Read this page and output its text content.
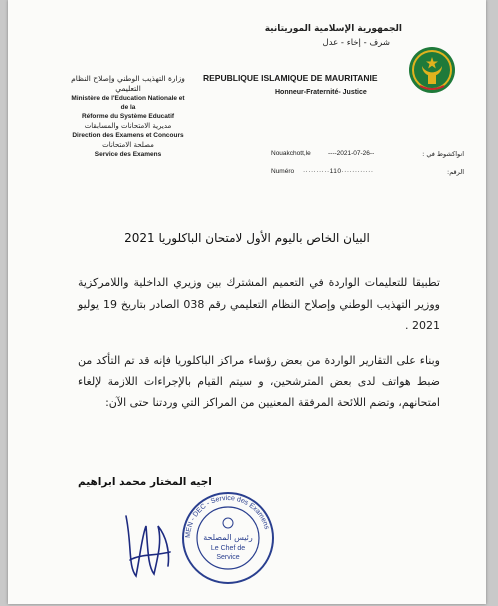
الجمهورية الإسلامية الموريتانية
شرف - إخاء - عدل
REPUBLIQUE ISLAMIQUE DE MAURITANIE
Honneur-Fraternité- Justice
وزارة التهذيب الوطني وإصلاح النظام التعليمي
Ministère de l'Education Nationale et de la
Réforme du Système Educatif
مديرية الامتحانات والمسابقات
Direction des Examens et Concours
مصلحة الامتحانات
Service des Examens	Nouakchott,le	----2021-07-26--	انواكشوط في :
Numéro ··········110············	الرقم:
البيان الخاص باليوم الأول لامتحان الباكلوريا 2021
تطبيقا للتعليمات الواردة في التعميم المشترك بين وزيري الداخلية واللامركزية ووزير التهذيب الوطني وإصلاح النظام التعليمي رقم 038 الصادر بتاريخ 19 يوليو 2021 .
وبناء على التقارير الواردة من بعض رؤساء مراكز الباكلوريا فإنه قد تم التأكد من ضبط هواتف لدى بعض المترشحين، و سيتم القيام بالإجراءات اللازمة لإلغاء امتحانهم، وتضم اللائحة المرفقة المعنيين من المراكز التي وردتنا حتى الآن:
اجيه المختار محمد ابراهيم
MEN - DEC - Service des Examens
رئيس المصلحة
Le Chef de
Service
